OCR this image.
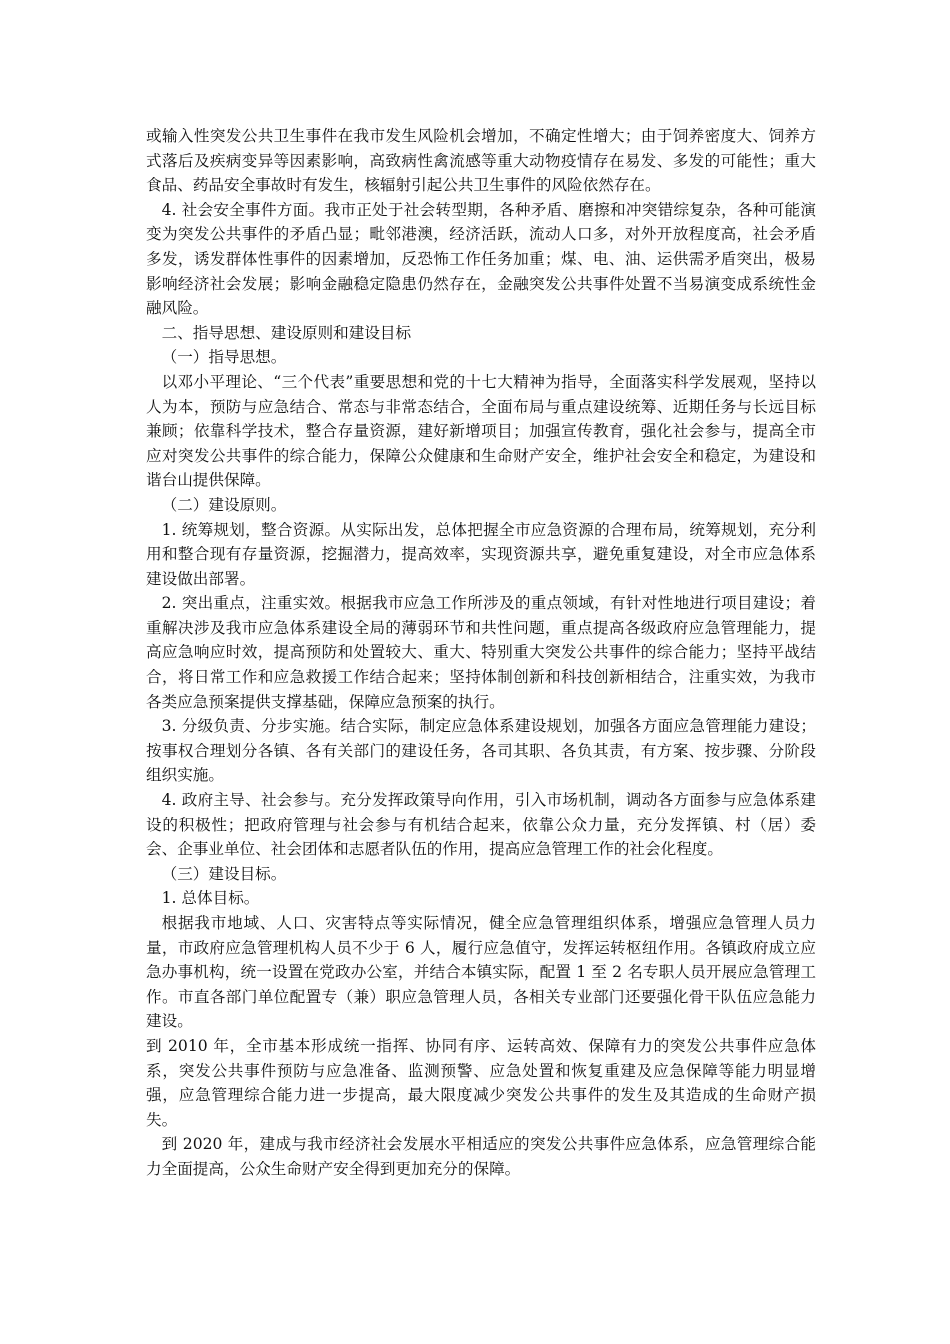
或输入性突发公共卫生事件在我市发生风险机会增加，不确定性增大；由于饲养密度大、饲养方式落后及疾病变异等因素影响，高致病性禽流感等重大动物疫情存在易发、多发的可能性；重大食品、药品安全事故时有发生，核辐射引起公共卫生事件的风险依然存在。

4. 社会安全事件方面。我市正处于社会转型期，各种矛盾、磨擦和冲突错综复杂，各种可能演变为突发公共事件的矛盾凸显；毗邻港澳，经济活跃，流动人口多，对外开放程度高，社会矛盾多发，诱发群体性事件的因素增加，反恐怖工作任务加重；煤、电、油、运供需矛盾突出，极易影响经济社会发展；影响金融稳定隐患仍然存在，金融突发公共事件处置不当易演变成系统性金融风险。

二、指导思想、建设原则和建设目标

（一）指导思想。

以邓小平理论、“三个代表”重要思想和党的十七大精神为指导，全面落实科学发展观，坚持以人为本，预防与应急结合、常态与非常态结合，全面布局与重点建设统筹、近期任务与长远目标兼顾；依靠科学技术，整合存量资源，建好新增项目；加强宣传教育，强化社会参与，提高全市应对突发公共事件的综合能力，保障公众健康和生命财产安全，维护社会安全和稳定，为建设和谐台山提供保障。

（二）建设原则。

1. 统筹规划，整合资源。从实际出发，总体把握全市应急资源的合理布局，统筹规划，充分利用和整合现有存量资源，挖掘潜力，提高效率，实现资源共享，避免重复建设，对全市应急体系建设做出部署。

2. 突出重点，注重实效。根据我市应急工作所涉及的重点领域，有针对性地进行项目建设；着重解决涉及我市应急体系建设全局的薄弱环节和共性问题，重点提高各级政府应急管理能力，提高应急响应时效，提高预防和处置较大、重大、特别重大突发公共事件的综合能力；坚持平战结合，将日常工作和应急救援工作结合起来；坚持体制创新和科技创新相结合，注重实效，为我市各类应急预案提供支撑基础，保障应急预案的执行。

3. 分级负责、分步实施。结合实际，制定应急体系建设规划，加强各方面应急管理能力建设；按事权合理划分各镇、各有关部门的建设任务，各司其职、各负其责，有方案、按步骤、分阶段组织实施。

4. 政府主导、社会参与。充分发挥政策导向作用，引入市场机制，调动各方面参与应急体系建设的积极性；把政府管理与社会参与有机结合起来，依靠公众力量，充分发挥镇、村（居）委会、企事业单位、社会团体和志愿者队伍的作用，提高应急管理工作的社会化程度。

（三）建设目标。

1. 总体目标。

根据我市地域、人口、灾害特点等实际情况，健全应急管理组织体系，增强应急管理人员力量，市政府应急管理机构人员不少于 6 人，履行应急值守，发挥运转枢纽作用。各镇政府成立应急办事机构，统一设置在党政办公室，并结合本镇实际，配置 1 至 2 名专职人员开展应急管理工作。市直各部门单位配置专（兼）职应急管理人员，各相关专业部门还要强化骨干队伍应急能力建设。

到 2010 年，全市基本形成统一指挥、协同有序、运转高效、保障有力的突发公共事件应急体系，突发公共事件预防与应急准备、监测预警、应急处置和恢复重建及应急保障等能力明显增强，应急管理综合能力进一步提高，最大限度减少突发公共事件的发生及其造成的生命财产损失。

到 2020 年，建成与我市经济社会发展水平相适应的突发公共事件应急体系，应急管理综合能力全面提高，公众生命财产安全得到更加充分的保障。
